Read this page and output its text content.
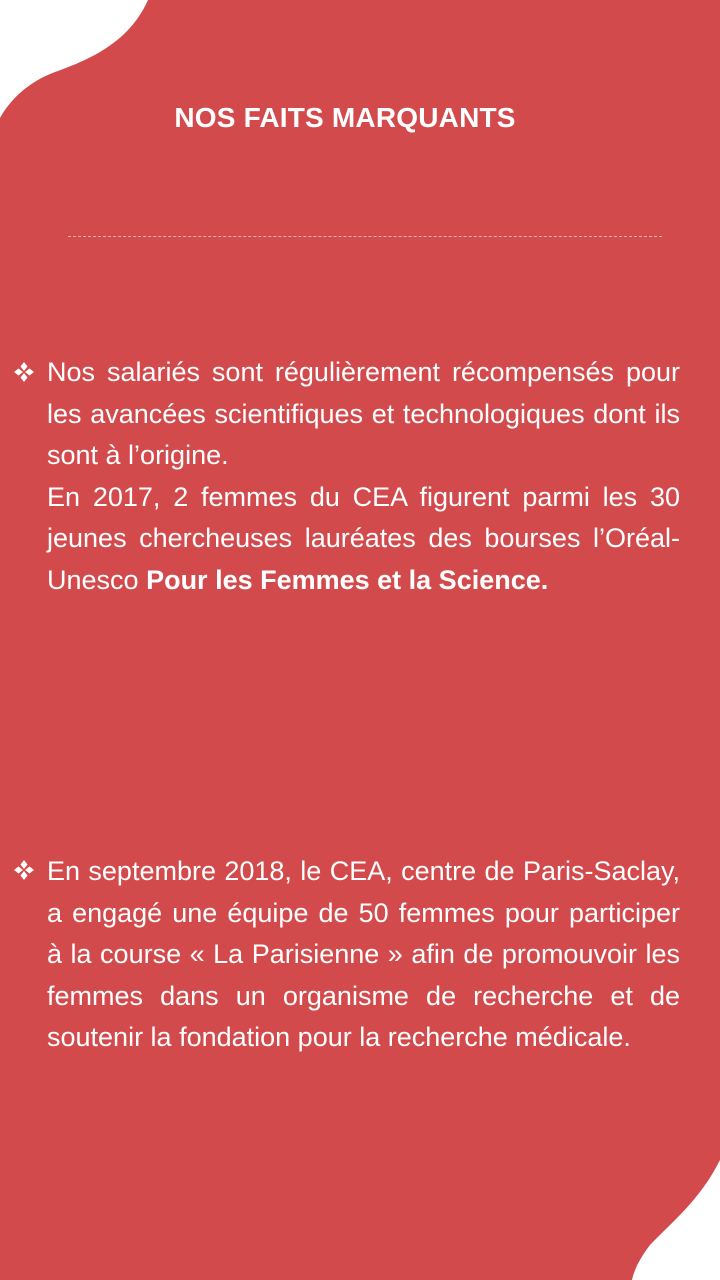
NOS FAITS MARQUANTS

Nos salariés sont régulièrement récompensés pour les avancées scientifiques et technologiques dont ils sont à l’origine.

En 2017, 2 femmes du CEA figurent parmi les 30 jeunes chercheuses lauréates des bourses l’Oréal-Unesco Pour les Femmes et la Science.

En septembre 2018, le CEA, centre de Paris-Saclay, a engagé une équipe de 50 femmes pour participer à la course « La Parisienne » afin de promouvoir les femmes dans un organisme de recherche et de soutenir la fondation pour la recherche médicale.
